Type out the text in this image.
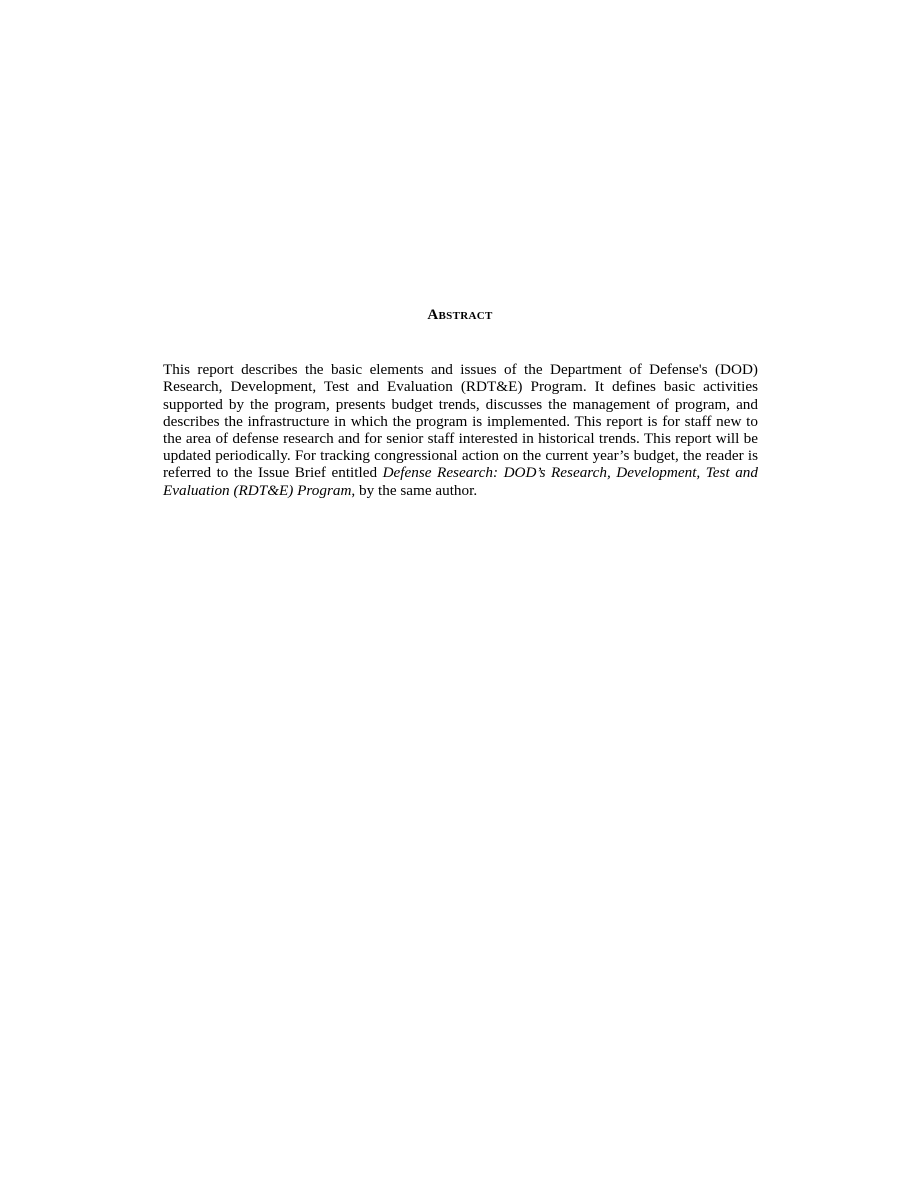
Abstract

This report describes the basic elements and issues of the Department of Defense's (DOD) Research, Development, Test and Evaluation (RDT&E) Program. It defines basic activities supported by the program, presents budget trends, discusses the management of program, and describes the infrastructure in which the program is implemented. This report is for staff new to the area of defense research and for senior staff interested in historical trends. This report will be updated periodically. For tracking congressional action on the current year’s budget, the reader is referred to the Issue Brief entitled Defense Research: DOD’s Research, Development, Test and Evaluation (RDT&E) Program, by the same author.
